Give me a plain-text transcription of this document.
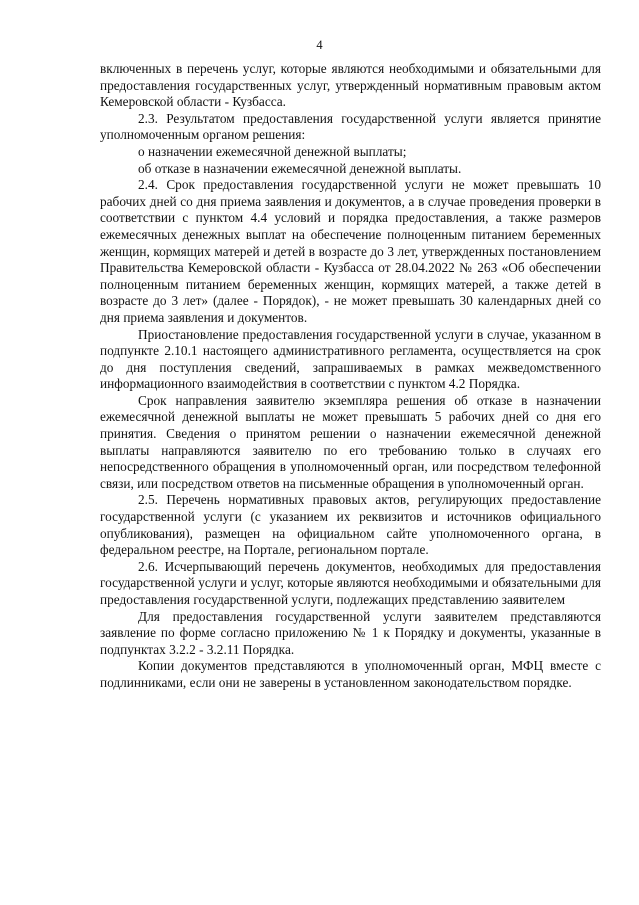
4

включенных в перечень услуг, которые являются необходимыми и обязательными для предоставления государственных услуг, утвержденный нормативным правовым актом Кемеровской области - Кузбасса.

2.3. Результатом предоставления государственной услуги является принятие уполномоченным органом решения:

о назначении ежемесячной денежной выплаты;

об отказе в назначении ежемесячной денежной выплаты.

2.4. Срок предоставления государственной услуги не может превышать 10 рабочих дней со дня приема заявления и документов, а в случае проведения проверки в соответствии с пунктом 4.4 условий и порядка предоставления, а также размеров ежемесячных денежных выплат на обеспечение полноценным питанием беременных женщин, кормящих матерей и детей в возрасте до 3 лет, утвержденных постановлением Правительства Кемеровской области - Кузбасса от 28.04.2022 № 263 «Об обеспечении полноценным питанием беременных женщин, кормящих матерей, а также детей в возрасте до 3 лет» (далее - Порядок), - не может превышать 30 календарных дней со дня приема заявления и документов.

Приостановление предоставления государственной услуги в случае, указанном в подпункте 2.10.1 настоящего административного регламента, осуществляется на срок до дня поступления сведений, запрашиваемых в рамках межведомственного информационного взаимодействия в соответствии с пунктом 4.2 Порядка.

Срок направления заявителю экземпляра решения об отказе в назначении ежемесячной денежной выплаты не может превышать 5 рабочих дней со дня его принятия. Сведения о принятом решении о назначении ежемесячной денежной выплаты направляются заявителю по его требованию только в случаях его непосредственного обращения в уполномоченный орган, или посредством телефонной связи, или посредством ответов на письменные обращения в уполномоченный орган.

2.5. Перечень нормативных правовых актов, регулирующих предоставление государственной услуги (с указанием их реквизитов и источников официального опубликования), размещен на официальном сайте уполномоченного органа, в федеральном реестре, на Портале, региональном портале.

2.6. Исчерпывающий перечень документов, необходимых для предоставления государственной услуги и услуг, которые являются необходимыми и обязательными для предоставления государственной услуги, подлежащих представлению заявителем

Для предоставления государственной услуги заявителем представляются заявление по форме согласно приложению № 1 к Порядку и документы, указанные в подпунктах 3.2.2 - 3.2.11 Порядка.

Копии документов представляются в уполномоченный орган, МФЦ вместе с подлинниками, если они не заверены в установленном законодательством порядке.
